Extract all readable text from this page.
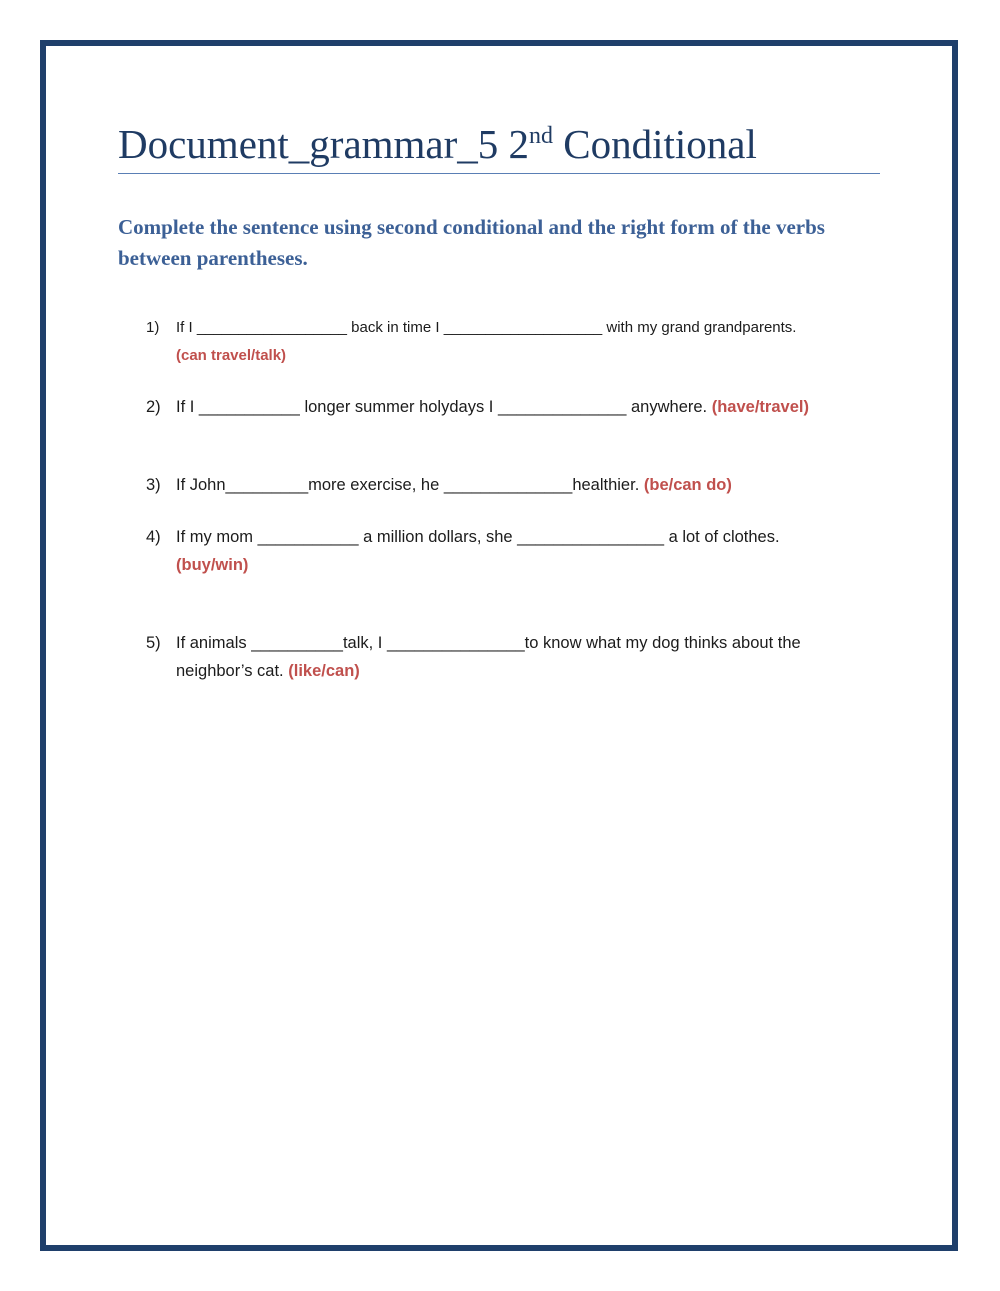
Document_grammar_5 2nd Conditional

Complete the sentence using second conditional and the right form of the verbs between parentheses.

1)	If I __________________ back in time I ___________________ with my grand grandparents.
(can travel/talk)
2) If I ___________ longer summer holydays I ______________ anywhere. (have/travel)
3) If John_________more exercise, he ______________healthier. (be/can do)
4) If my mom ___________ a million dollars, she ________________ a lot of clothes.
(buy/win)
5) If animals __________talk, I _______________to know what my dog thinks about the neighbor’s cat. (like/can)
